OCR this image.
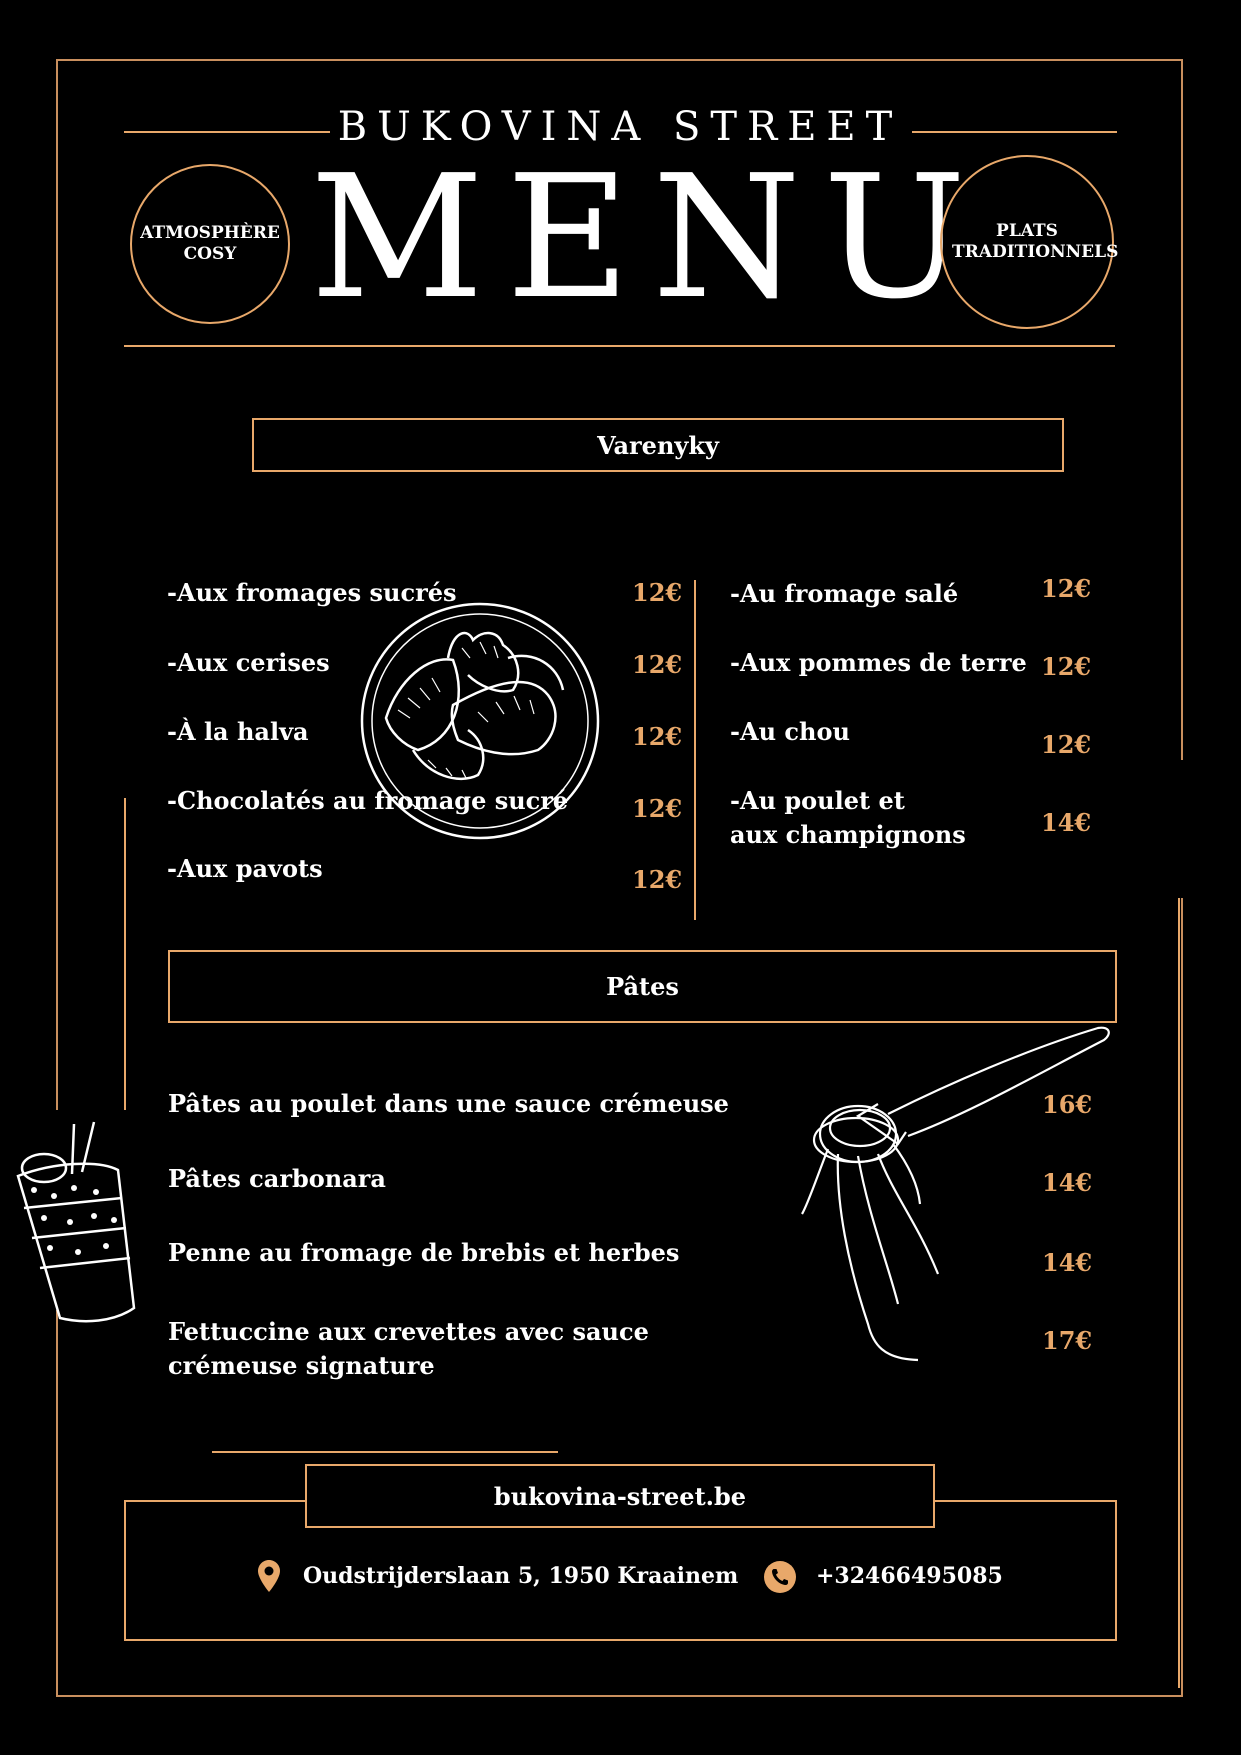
BUKOVINA STREET
MENU
ATMOSPHÈRE COSY
PLATS TRADITIONNELS
Varenyky
-Aux fromages sucrés	12€
-Aux cerises	12€
-À la halva	12€
-Chocolatés au fromage sucré	12€
-Aux pavots	12€
-Au fromage salé	12€
-Aux pommes de terre 12€
-Au chou	12€
-Au poulet et
aux champignons	14€
Pâtes
Pâtes au poulet dans une sauce crémeuse	16€
Pâtes carbonara	14€
Penne au fromage de brebis et herbes	14€
Fettuccine aux crevettes avec sauce
crémeuse signature
17€
bukovina-street.be
Oudstrijderslaan 5, 1950 Kraainem	+32466495085
